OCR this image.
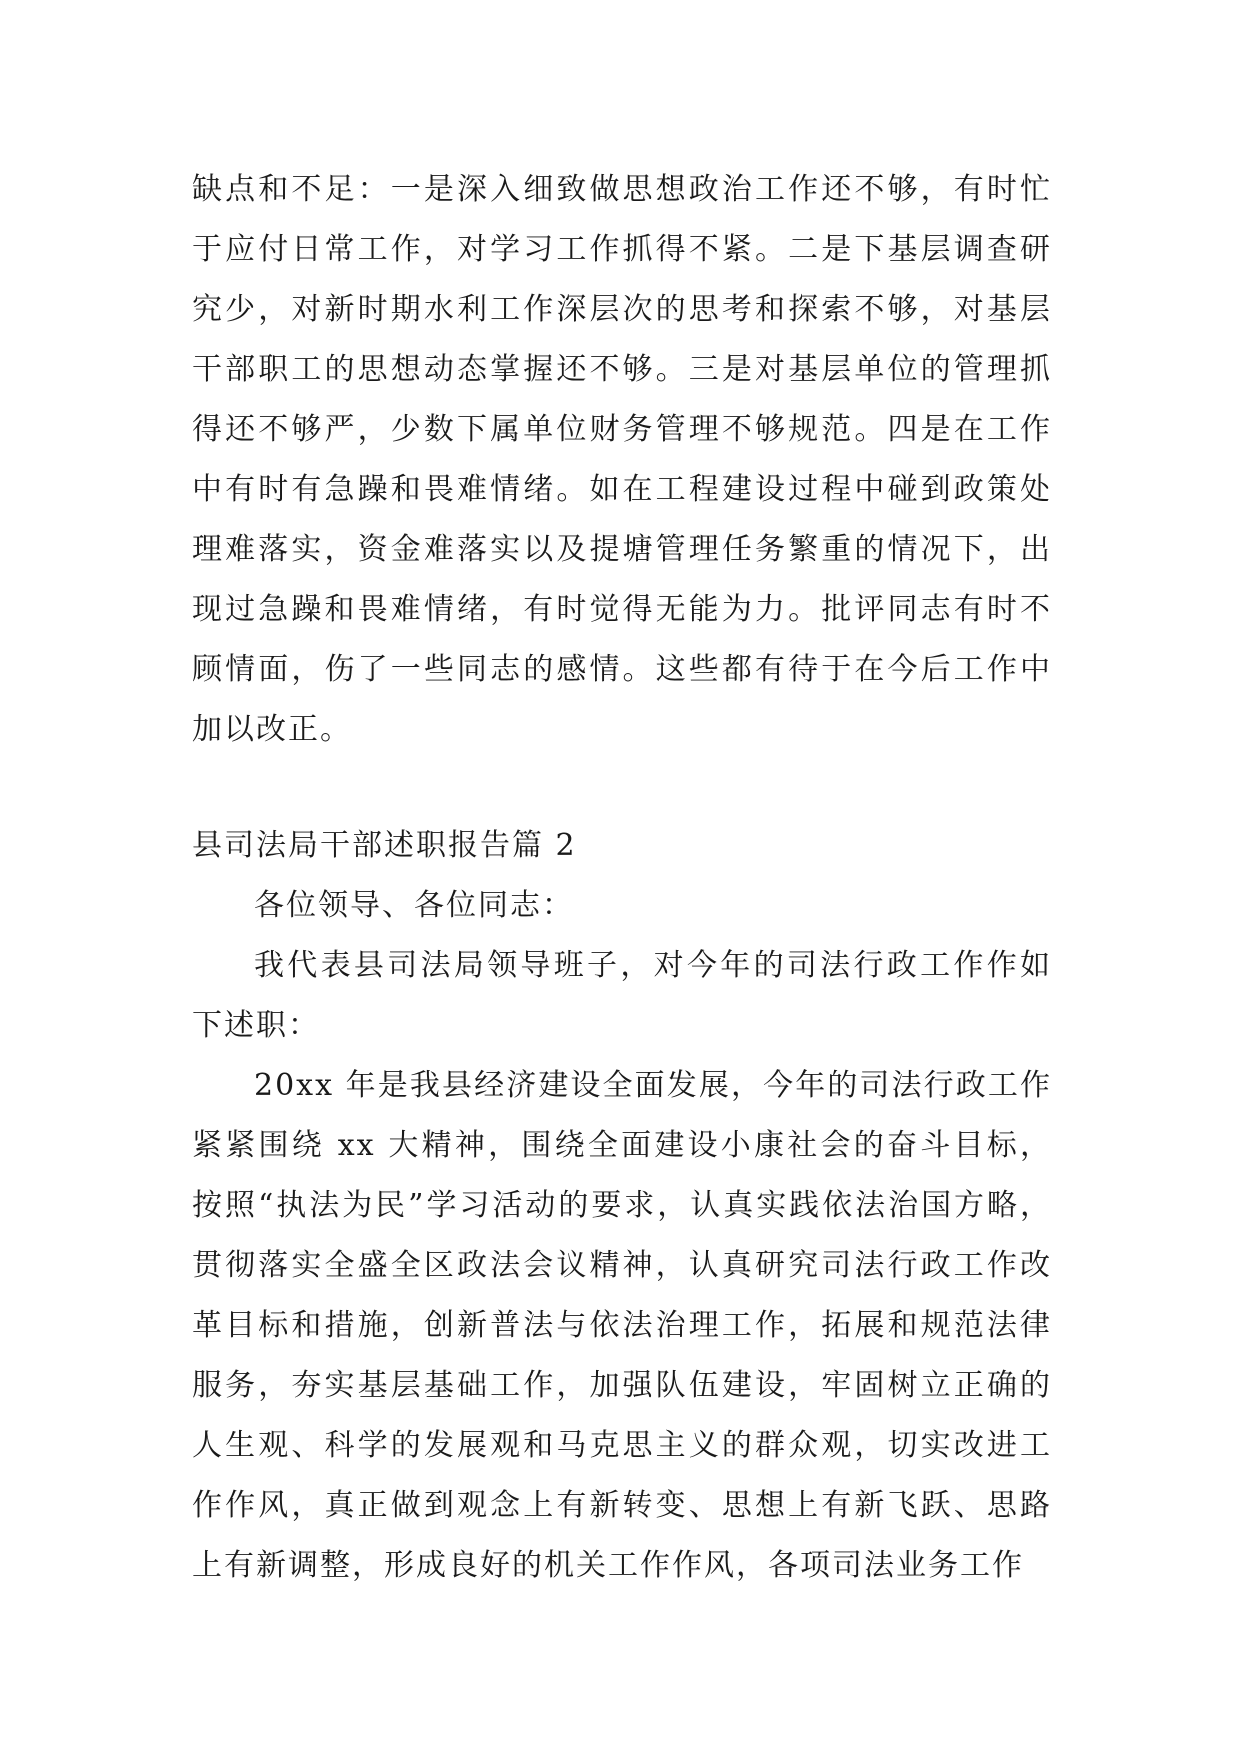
缺点和不足：一是深入细致做思想政治工作还不够，有时忙于应付日常工作，对学习工作抓得不紧。二是下基层调查研究少，对新时期水利工作深层次的思考和探索不够，对基层干部职工的思想动态掌握还不够。三是对基层单位的管理抓得还不够严，少数下属单位财务管理不够规范。四是在工作中有时有急躁和畏难情绪。如在工程建设过程中碰到政策处理难落实，资金难落实以及提塘管理任务繁重的情况下，出现过急躁和畏难情绪，有时觉得无能为力。批评同志有时不顾情面，伤了一些同志的感情。这些都有待于在今后工作中加以改正。

县司法局干部述职报告篇 2

各位领导、各位同志：

我代表县司法局领导班子，对今年的司法行政工作作如下述职：

20xx 年是我县经济建设全面发展，今年的司法行政工作紧紧围绕 xx 大精神，围绕全面建设小康社会的奋斗目标，按照“执法为民”学习活动的要求，认真实践依法治国方略，贯彻落实全盛全区政法会议精神，认真研究司法行政工作改革目标和措施，创新普法与依法治理工作，拓展和规范法律服务，夯实基层基础工作，加强队伍建设，牢固树立正确的人生观、科学的发展观和马克思主义的群众观，切实改进工作作风，真正做到观念上有新转变、思想上有新飞跃、思路上有新调整，形成良好的机关工作作风，各项司法业务工作
